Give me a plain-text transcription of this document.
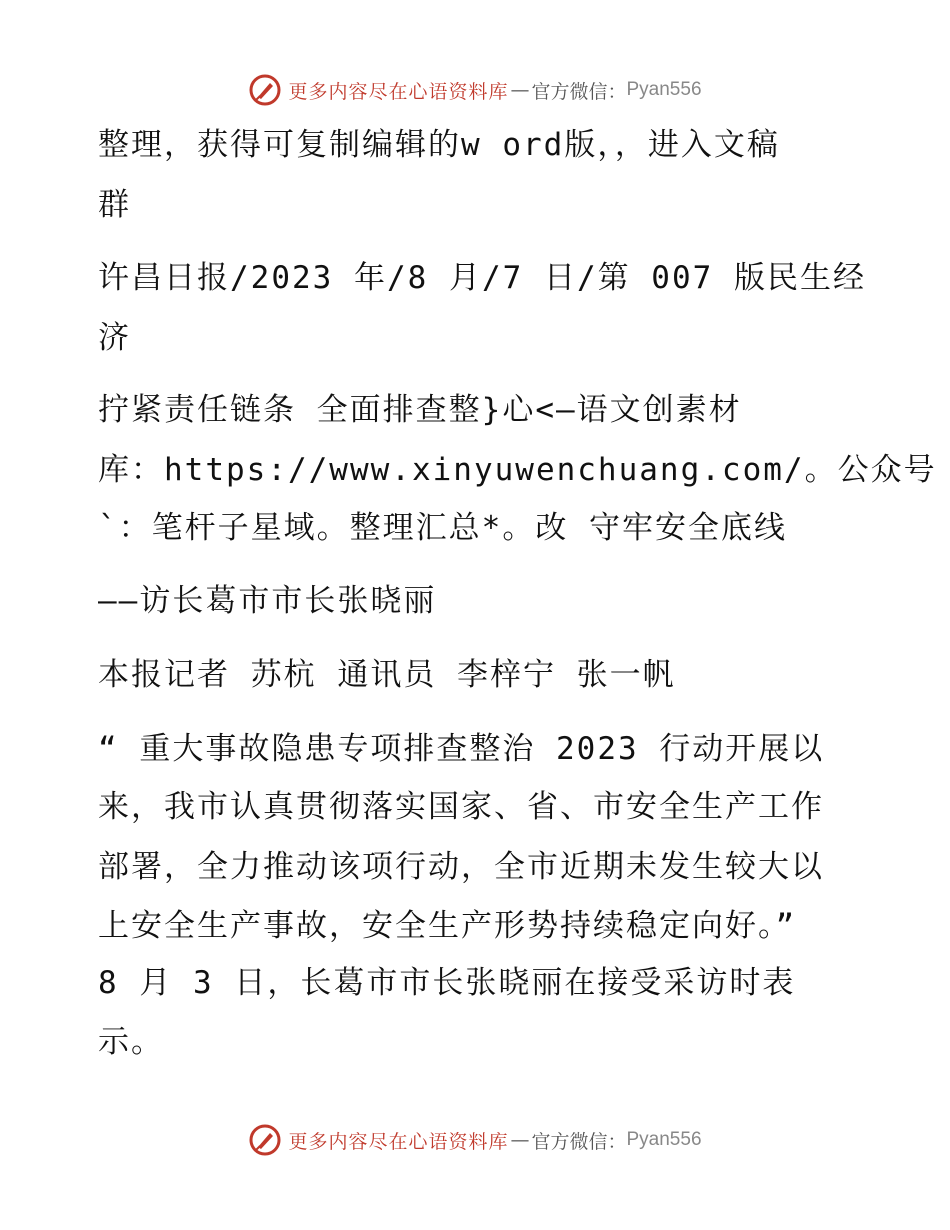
更多内容尽在心语资料库 — 官方微信： Pyan556
整理，获得可复制编辑的w ord版，，进入文稿
群
许昌日报/2023 年/8 月/7 日/第 007 版民生经
济
拧紧责任链条 全面排查整}心<—语文创素材
库：https://www.xinyuwenchuang.com/。公众号
`：笔杆子星域。整理汇总*。改 守牢安全底线
——访长葛市市长张晓丽
本报记者 苏杭 通讯员 李梓宁 张一帆
“ 重大事故隐患专项排查整治 2023 行动开展以
来，我市认真贯彻落实国家、省、市安全生产工作
部署，全力推动该项行动，全市近期未发生较大以
上安全生产事故，安全生产形势持续稳定向好。”
8 月 3 日，长葛市市长张晓丽在接受采访时表
示。
更多内容尽在心语资料库 — 官方微信： Pyan556
